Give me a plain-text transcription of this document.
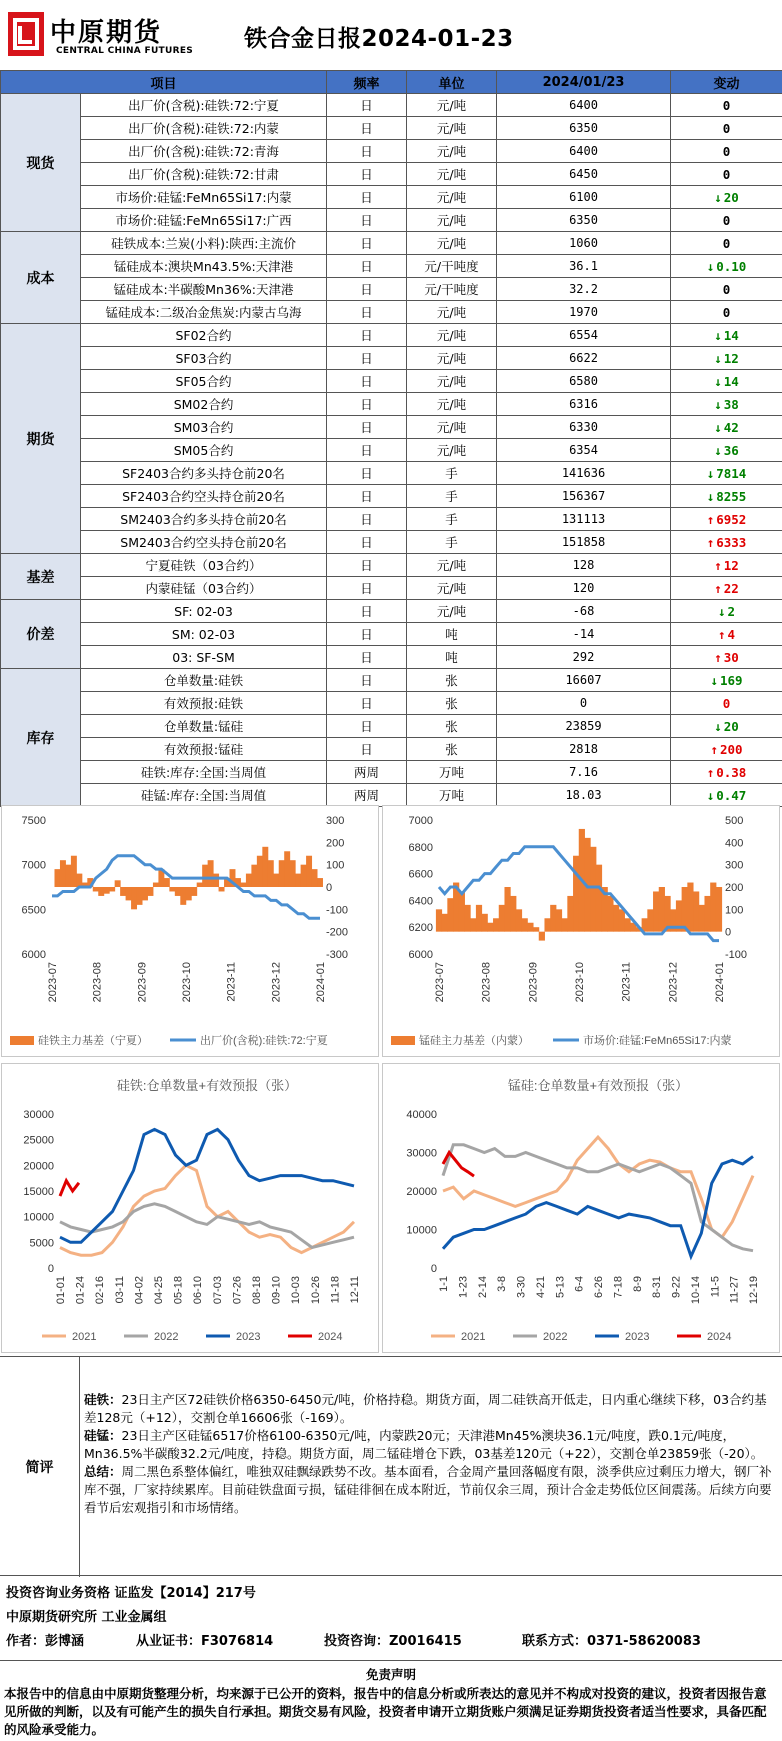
中原期货
CENTRAL CHINA FUTURES 铁合金日报2024-01-23
项目		频率	单位	2024/01/23	变动
现货	出厂价(含税):硅铁:72:宁夏	日	元/吨	6400	0
	出厂价(含税):硅铁:72:内蒙	日	元/吨	6350	0
	出厂价(含税):硅铁:72:青海	日	元/吨	6400	0
	出厂价(含税):硅铁:72:甘肃	日	元/吨	6450	0
	市场价:硅锰:FeMn65Si17:内蒙	日	元/吨	6100	↓ 20
	市场价:硅锰:FeMn65Si17:广西	日	元/吨	6350	0
成本	硅铁成本:兰炭(小料):陕西:主流价	日	元/吨	1060	0
	锰硅成本:澳块Mn43.5%:天津港	日	元/干吨度	36.1	↓ 0.10
	锰硅成本:半碳酸Mn36%:天津港	日	元/干吨度	32.2	0
	锰硅成本:二级冶金焦炭:内蒙古乌海	日	元/吨	1970	0
期货	SF02合约	日	元/吨	6554	↓ 14
	SF03合约	日	元/吨	6622	↓ 12
	SF05合约	日	元/吨	6580	↓ 14
	SM02合约	日	元/吨	6316	↓ 38
	SM03合约	日	元/吨	6330	↓ 42
	SM05合约	日	元/吨	6354	↓ 36
	SF2403合约多头持仓前20名	日	手	141636	↓ 7814
	SF2403合约空头持仓前20名	日	手	156367	↓ 8255
	SM2403合约多头持仓前20名	日	手	131113	↑ 6952
	SM2403合约空头持仓前20名	日	手	151858	↑ 6333
基差	宁夏硅铁（03合约）	日	元/吨	128	↑ 12
	内蒙硅锰（03合约）	日	元/吨	120	↑ 22
价差	SF: 02-03	日	元/吨	-68	↓ 2
	SM: 02-03	日	吨	-14	↑ 4
	03: SF-SM	日	吨	292	↑ 30
库存	仓单数量:硅铁	日	张	16607	↓ 169
	有效预报:硅铁	日	张	0	0
	仓单数量:锰硅	日	张	23859	↓ 20
	有效预报:锰硅	日	张	2818	↑ 200
	硅铁:库存:全国:当周值	两周	万吨	7.16	↑ 0.38
	硅锰:库存:全国:当周值	两周	万吨	18.03	↓ 0.47
7500
7000
6500
6000
300
200
100
0
-100
-200
-300
2023-07	2023-08	2023-09	2023-10	2023-11	2023-12	2024-01
硅铁主力基差（宁夏）	出厂价(含税):硅铁:72:宁夏
7000
6800
6600
6400
6200
6000
500
400
300
200
100
0
-100
2023-07	2023-08	2023-09	2023-10	2023-11	2023-12	2024-01
锰硅主力基差（内蒙）	市场价:硅锰:FeMn65Si17:内蒙
硅铁:仓单数量+有效预报（张）
30000
25000
20000
15000
10000
5000
0
01-01 01-24 02-16 03-11 04-02 04-25 05-18 06-10 07-03 07-26 08-18 09-10 10-03 10-26 11-18 12-11
2021	2022	2023	2024
锰硅:仓单数量+有效预报（张）
40000
30000
20000
10000
0
1-1 1-23 2-14 3-8 3-30 4-21 5-13 6-4 6-26 7-18 8-9 8-31 9-22 10-14 11-5 11-27 12-19
2021	2022	2023	2024
简评

硅铁：23日主产区72硅铁价格6350-6450元/吨，价格持稳。期货方面，周二硅铁高开低走，日内重心继续下移，03合约基差128元（+12），交割仓单16606张（-169）。

硅锰：23日主产区硅锰6517价格6100-6350元/吨，内蒙跌20元；天津港Mn45%澳块36.1元/吨度，跌0.1元/吨度，Mn36.5%半碳酸32.2元/吨度，持稳。期货方面，周二锰硅增仓下跌，03基差120元（+22），交割仓单23859张（-20）。

总结：周二黑色系整体偏红，唯独双硅飘绿跌势不改。基本面看，合金周产量回落幅度有限，淡季供应过剩压力增大，钢厂补库不强，厂家持续累库。目前硅铁盘面亏损，锰硅徘徊在成本附近，节前仅余三周，预计合金走势低位区间震荡。后续方向要看节后宏观指引和市场情绪。

投资咨询业务资格 证监发【2014】217号
中原期货研究所 工业金属组
作者：彭博涵	从业证书：F3076814	投资咨询：Z0016415	联系方式：0371-58620083
免责声明
本报告中的信息由中原期货整理分析，均来源于已公开的资料，报告中的信息分析或所表达的意见并不构成对投资的建议，投资者因报告意见所做的判断，以及有可能产生的损失自行承担。期货交易有风险，投资者申请开立期货账户须满足证券期货投资者适当性要求，具备匹配的风险承受能力。
